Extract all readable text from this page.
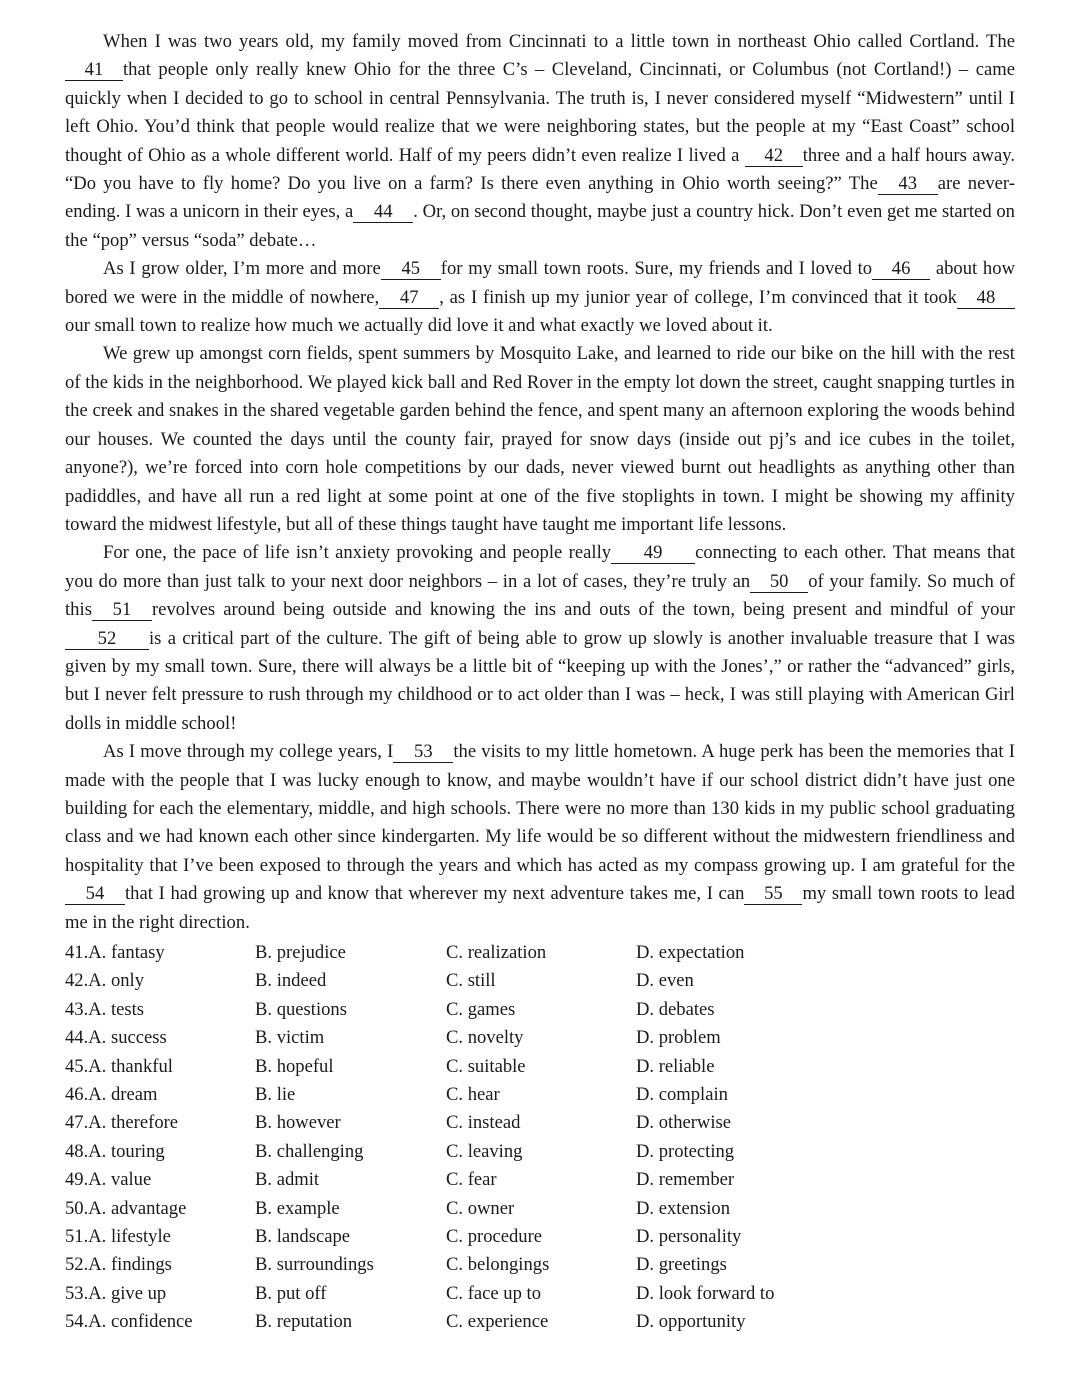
When I was two years old, my family moved from Cincinnati to a little town in northeast Ohio called Cortland. The41 that people only really knew Ohio for the three C’s – Cleveland, Cincinnati, or Columbus (not Cortland!) – came quickly when I decided to go to school in central Pennsylvania. The truth is, I never considered myself “Midwestern” until I left Ohio. You’d think that people would realize that we were neighboring states, but the people at my “East Coast” school thought of Ohio as a whole different world. Half of my peers didn’t even realize I lived a 42 three and a half hours away. “Do you have to fly home? Do you live on a farm? Is there even anything in Ohio worth seeing?” The 43 are never-ending. I was a unicorn in their eyes, a 44 . Or, on second thought, maybe just a country hick. Don’t even get me started on the “pop” versus “soda” debate…

As I grow older, I’m more and more 45 for my small town roots. Sure, my friends and I loved to 46 about how bored we were in the middle of nowhere, 47 , as I finish up my junior year of college, I’m convinced that it took 48our small town to realize how much we actually did love it and what exactly we loved about it.

We grew up amongst corn fields, spent summers by Mosquito Lake, and learned to ride our bike on the hill with the rest of the kids in the neighborhood. We played kick ball and Red Rover in the empty lot down the street, caught snapping turtles in the creek and snakes in the shared vegetable garden behind the fence, and spent many an afternoon exploring the woods behind our houses. We counted the days until the county fair, prayed for snow days (inside out pj’s and ice cubes in the toilet, anyone?), we’re forced into corn hole competitions by our dads, never viewed burnt out headlights as anything other than padiddles, and have all run a red light at some point at one of the five stoplights in town. I might be showing my affinity toward the midwest lifestyle, but all of these things taught have taught me important life lessons.

For one, the pace of life isn’t anxiety provoking and people really 49 connecting to each other. That means that you do more than just talk to your next door neighbors – in a lot of cases, they’re truly an 50 of your family. So much of this 51 revolves around being outside and knowing the ins and outs of the town, being present and mindful of your52 is a critical part of the culture. The gift of being able to grow up slowly is another invaluable treasure that I was given by my small town. Sure, there will always be a little bit of “keeping up with the Jones’,” or rather the “advanced” girls, but I never felt pressure to rush through my childhood or to act older than I was – heck, I was still playing with American Girl dolls in middle school!

As I move through my college years, I 53 the visits to my little hometown. A huge perk has been the memories that I made with the people that I was lucky enough to know, and maybe wouldn’t have if our school district didn’t have just one building for each the elementary, middle, and high schools. There were no more than 130 kids in my public school graduating class and we had known each other since kindergarten. My life would be so different without the midwestern friendliness and hospitality that I’ve been exposed to through the years and which has acted as my compass growing up. I am grateful for the54 that I had growing up and know that wherever my next adventure takes me, I can 55 my small town roots to lead me in the right direction.

41.A. fantasy	B. prejudice	C. realization	D. expectation
42.A. only	B. indeed	C. still	D. even
43.A. tests	B. questions	C. games	D. debates
44.A. success	B. victim	C. novelty	D. problem
45.A. thankful	B. hopeful	C. suitable	D. reliable
46.A. dream	B. lie	C. hear	D. complain
47.A. therefore	B. however	C. instead	D. otherwise
48.A. touring	B. challenging	C. leaving	D. protecting
49.A. value	B. admit	C. fear	D. remember
50.A. advantage	B. example	C. owner	D. extension
51.A. lifestyle	B. landscape	C. procedure	D. personality
52.A. findings	B. surroundings	C. belongings	D. greetings
53.A. give up	B. put off	C. face up to	D. look forward to
54.A. confidence	B. reputation	C. experience	D. opportunity
